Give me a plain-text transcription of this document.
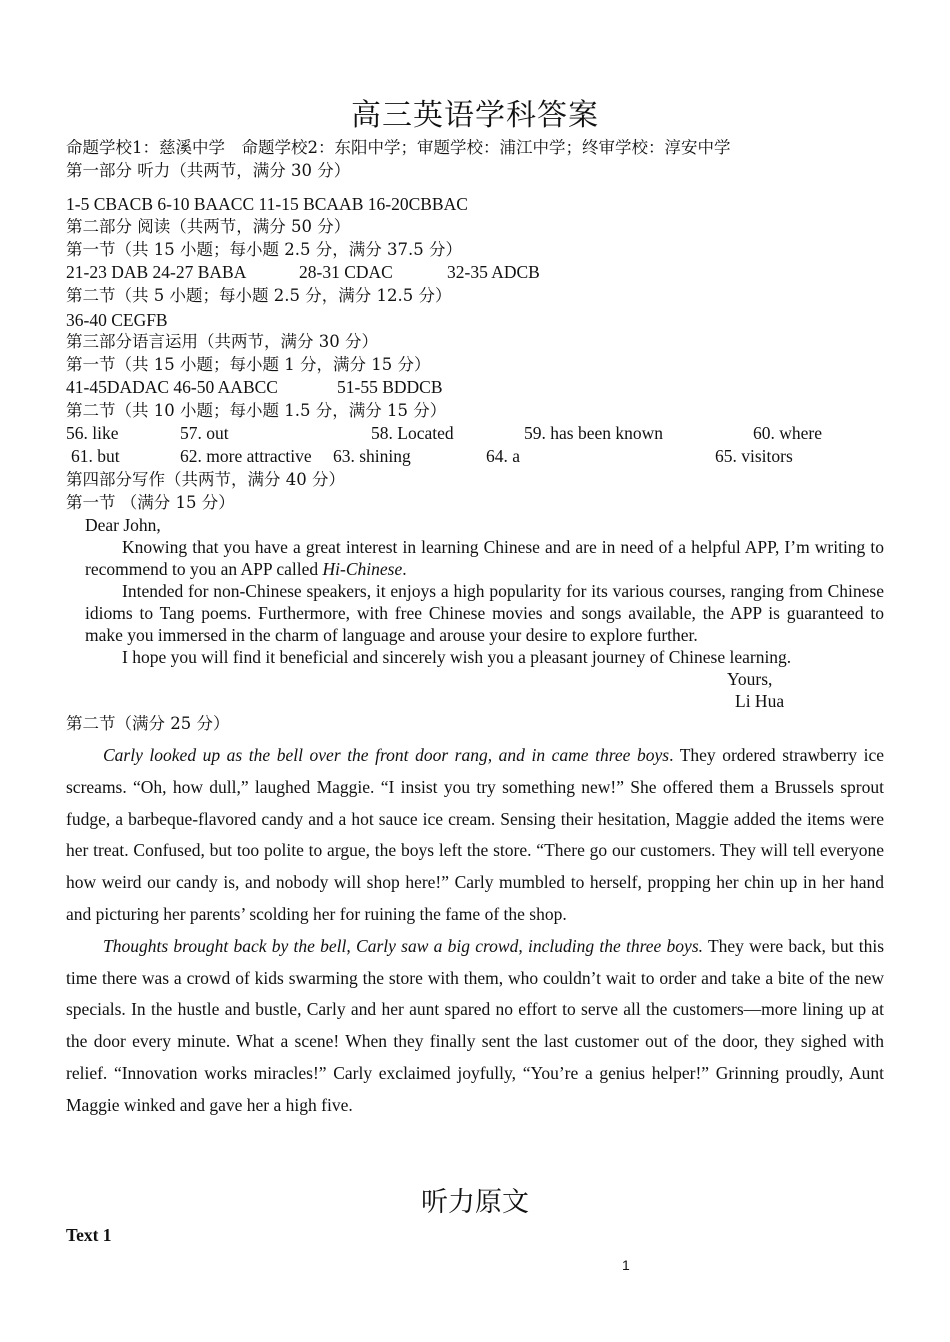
高三英语学科答案
命题学校1：慈溪中学　命题学校2：东阳中学；审题学校：浦江中学；终审学校：淳安中学
第一部分 听力（共两节，满分 30 分）
1-5 CBACB 6-10 BAACC 11-15 BCAAB 16-20CBBAC
第二部分 阅读（共两节，满分 50 分）
第一节（共 15 小题；每小题 2.5 分，满分 37.5 分）
21-23 DAB 24-27 BABA	28-31 CDAC	32-35 ADCB
第二节（共 5 小题；每小题 2.5 分，满分 12.5 分）
36-40 CEGFB
第三部分语言运用（共两节，满分 30 分）
第一节（共 15 小题；每小题 1 分，满分 15 分）
41-45DADAC 46-50 AABCC	51-55 BDDCB
第二节（共 10 小题；每小题 1.5 分，满分 15 分）
56. like	57. out	58. Located	59. has been known	60. where
61. but	62. more attractive 63. shining	64. a	65. visitors
第四部分写作（共两节，满分 40 分）
第一节 （满分 15 分）
Dear John,

Knowing that you have a great interest in learning Chinese and are in need of a helpful APP, I’m writing to recommend to you an APP called Hi-Chinese.

Intended for non-Chinese speakers, it enjoys a high popularity for its various courses, ranging from Chinese idioms to Tang poems. Furthermore, with free Chinese movies and songs available, the APP is guaranteed to make you immersed in the charm of language and arouse your desire to explore further.

I hope you will find it beneficial and sincerely wish you a pleasant journey of Chinese learning.

Yours,
Li Hua
第二节（满分 25 分）

Carly looked up as the bell over the front door rang, and in came three boys. They ordered strawberry ice screams. “Oh, how dull,” laughed Maggie. “I insist you try something new!” She offered them a Brussels sprout fudge, a barbeque-flavored candy and a hot sauce ice cream. Sensing their hesitation, Maggie added the items were her treat. Confused, but too polite to argue, the boys left the store. “There go our customers. They will tell everyone how weird our candy is, and nobody will shop here!” Carly mumbled to herself, propping her chin up in her hand and picturing her parents’ scolding her for ruining the fame of the shop.

Thoughts brought back by the bell, Carly saw a big crowd, including the three boys. They were back, but this time there was a crowd of kids swarming the store with them, who couldn’t wait to order and take a bite of the new specials. In the hustle and bustle, Carly and her aunt spared no effort to serve all the customers—more lining up at the door every minute. What a scene! When they finally sent the last customer out of the door, they sighed with relief. “Innovation works miracles!” Carly exclaimed joyfully, “You’re a genius helper!” Grinning proudly, Aunt Maggie winked and gave her a high five.

听力原文
Text 1
1
